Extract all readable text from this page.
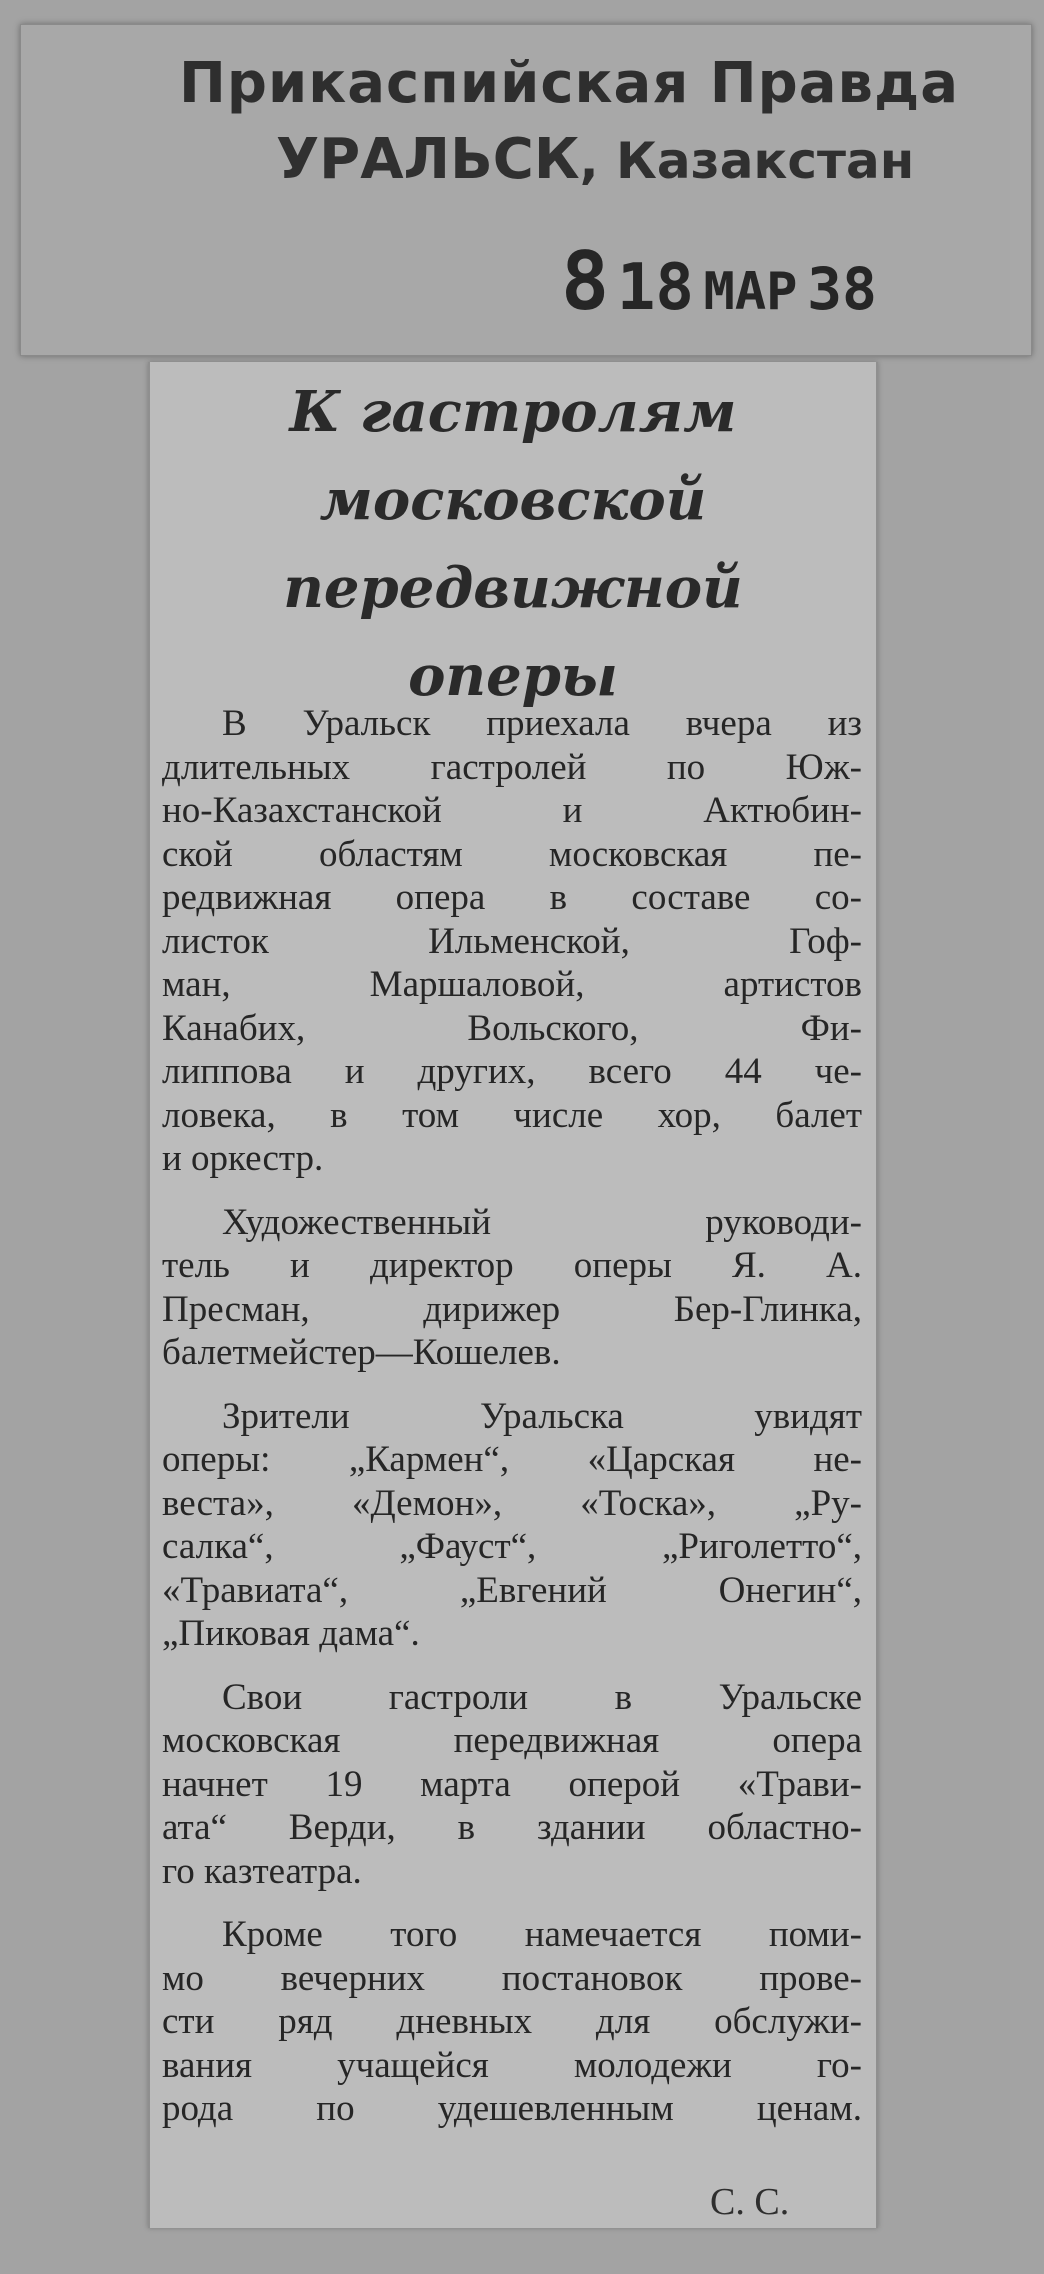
Прикаспийская Правда
УРАЛЬСК, Казакстан
8 18 МАР 38
К гастролям
московской
передвижной
оперы
В Уральск приехала вчера из
длительных гастролей по Юж-
но-Казахстанской и Актюбин-
ской областям московская пе-
редвижная опера в составе со-
листок Ильменской, Гоф-
ман, Маршаловой, артистов
Канабих, Вольского, Фи-
липпова и других, всего 44 че-
ловека, в том числе хор, балет
и оркестр.
Художественный руководи-
тель и директор оперы Я. А.
Пресман, дирижер Бер-Глинка,
балетмейстер—Кошелев.
Зрители Уральска увидят
оперы: „Кармен“, «Царская не-
веста», «Демон», «Тоска», „Ру-
салка“, „Фауст“, „Риголетто“,
«Травиата“, „Евгений Онегин“,
„Пиковая дама“.
Свои гастроли в Уральске
московская передвижная опера
начнет 19 марта оперой «Трави-
ата“ Верди, в здании областно-
го казтеатра.
Кроме того намечается поми-
мо вечерних постановок прове-
сти ряд дневных для обслужи-
вания учащейся молодежи го-
рода по удешевленным ценам.
С. С.
